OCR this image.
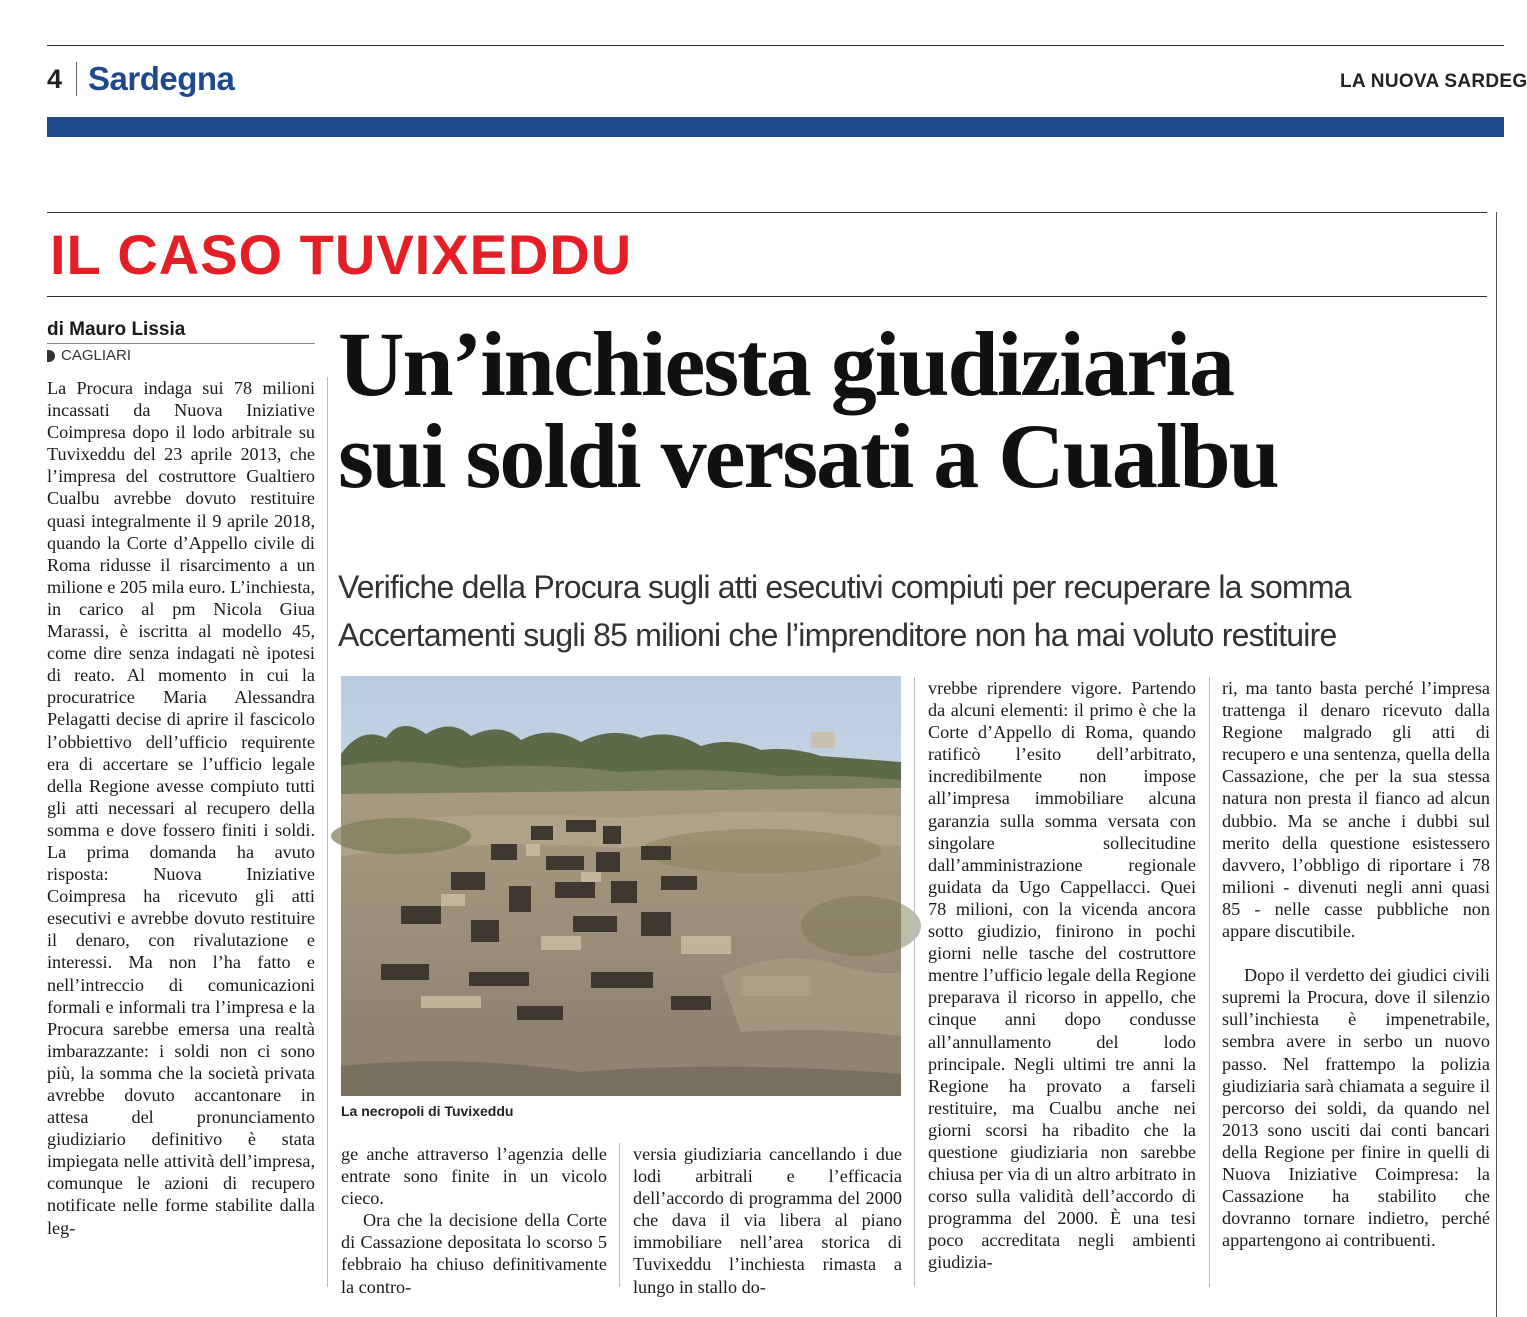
4 Sardegna	LA NUOVA SARDEG
IL CASO TUVIXEDDU
di Mauro Lissia
CAGLIARI Un’inchiesta giudiziaria
sui soldi versati a Cualbu
Verifiche della Procura sugli atti esecutivi compiuti per recuperare la somma
Accertamenti sugli 85 milioni che l’imprenditore non ha mai voluto restituire
La necropoli di Tuvixeddu

La Procura indaga sui 78 milioni incassati da Nuova Iniziative Coimpresa dopo il lodo arbitrale su Tuvixeddu del 23 aprile 2013, che l’impresa del costruttore Gualtiero Cualbu avrebbe dovuto restituire quasi integralmente il 9 aprile 2018, quando la Corte d’Appello civile di Roma ridusse il risarcimento a un milione e 205 mila euro. L’inchiesta, in carico al pm Nicola Giua Marassi, è iscritta al modello 45, come dire senza indagati nè ipotesi di reato. Al momento in cui la procuratrice Maria Alessandra Pelagatti decise di aprire il fascicolo l’obbiettivo dell’ufficio requirente era di accertare se l’ufficio legale della Regione avesse compiuto tutti gli atti necessari al recupero della somma e dove fossero finiti i soldi. La prima domanda ha avuto risposta: Nuova Iniziative Coimpresa ha ricevuto gli atti esecutivi e avrebbe dovuto restituire il denaro, con rivalutazione e interessi. Ma non l’ha fatto e nell’intreccio di comunicazioni formali e informali tra l’impresa e la Procura sarebbe emersa una realtà imbarazzante: i soldi non ci sono più, la somma che la società privata avrebbe dovuto accantonare in attesa del pronunciamento giudiziario definitivo è stata impiegata nelle attività dell’impresa, comunque le azioni di recupero notificate nelle forme stabilite dalla leg-

ge anche attraverso l’agenzia delle entrate sono finite in un vicolo cieco.

Ora che la decisione della Corte di Cassazione depositata lo scorso 5 febbraio ha chiuso definitivamente la contro-

versia giudiziaria cancellando i due lodi arbitrali e l’efficacia dell’accordo di programma del 2000 che dava il via libera al piano immobiliare nell’area storica di Tuvixeddu l’inchiesta rimasta a lungo in stallo do-

vrebbe riprendere vigore. Partendo da alcuni elementi: il primo è che la Corte d’Appello di Roma, quando ratificò l’esito dell’arbitrato, incredibilmente non impose all’impresa immobiliare alcuna garanzia sulla somma versata con singolare sollecitudine dall’amministrazione regionale guidata da Ugo Cappellacci. Quei 78 milioni, con la vicenda ancora sotto giudizio, finirono in pochi giorni nelle tasche del costruttore mentre l’ufficio legale della Regione preparava il ricorso in appello, che cinque anni dopo condusse all’annullamento del lodo principale. Negli ultimi tre anni la Regione ha provato a farseli restituire, ma Cualbu anche nei giorni scorsi ha ribadito che la questione giudiziaria non sarebbe chiusa per via di un altro arbitrato in corso sulla validità dell’accordo di programma del 2000. È una tesi poco accreditata negli ambienti giudizia-

ri, ma tanto basta perché l’impresa trattenga il denaro ricevuto dalla Regione malgrado gli atti di recupero e una sentenza, quella della Cassazione, che per la sua stessa natura non presta il fianco ad alcun dubbio. Ma se anche i dubbi sul merito della questione esistessero davvero, l’obbligo di riportare i 78 milioni - divenuti negli anni quasi 85 - nelle casse pubbliche non appare discutibile.

Dopo il verdetto dei giudici civili supremi la Procura, dove il silenzio sull’inchiesta è impenetrabile, sembra avere in serbo un nuovo passo. Nel frattempo la polizia giudiziaria sarà chiamata a seguire il percorso dei soldi, da quando nel 2013 sono usciti dai conti bancari della Regione per finire in quelli di Nuova Iniziative Coimpresa: la Cassazione ha stabilito che dovranno tornare indietro, perché appartengono ai contribuenti.
